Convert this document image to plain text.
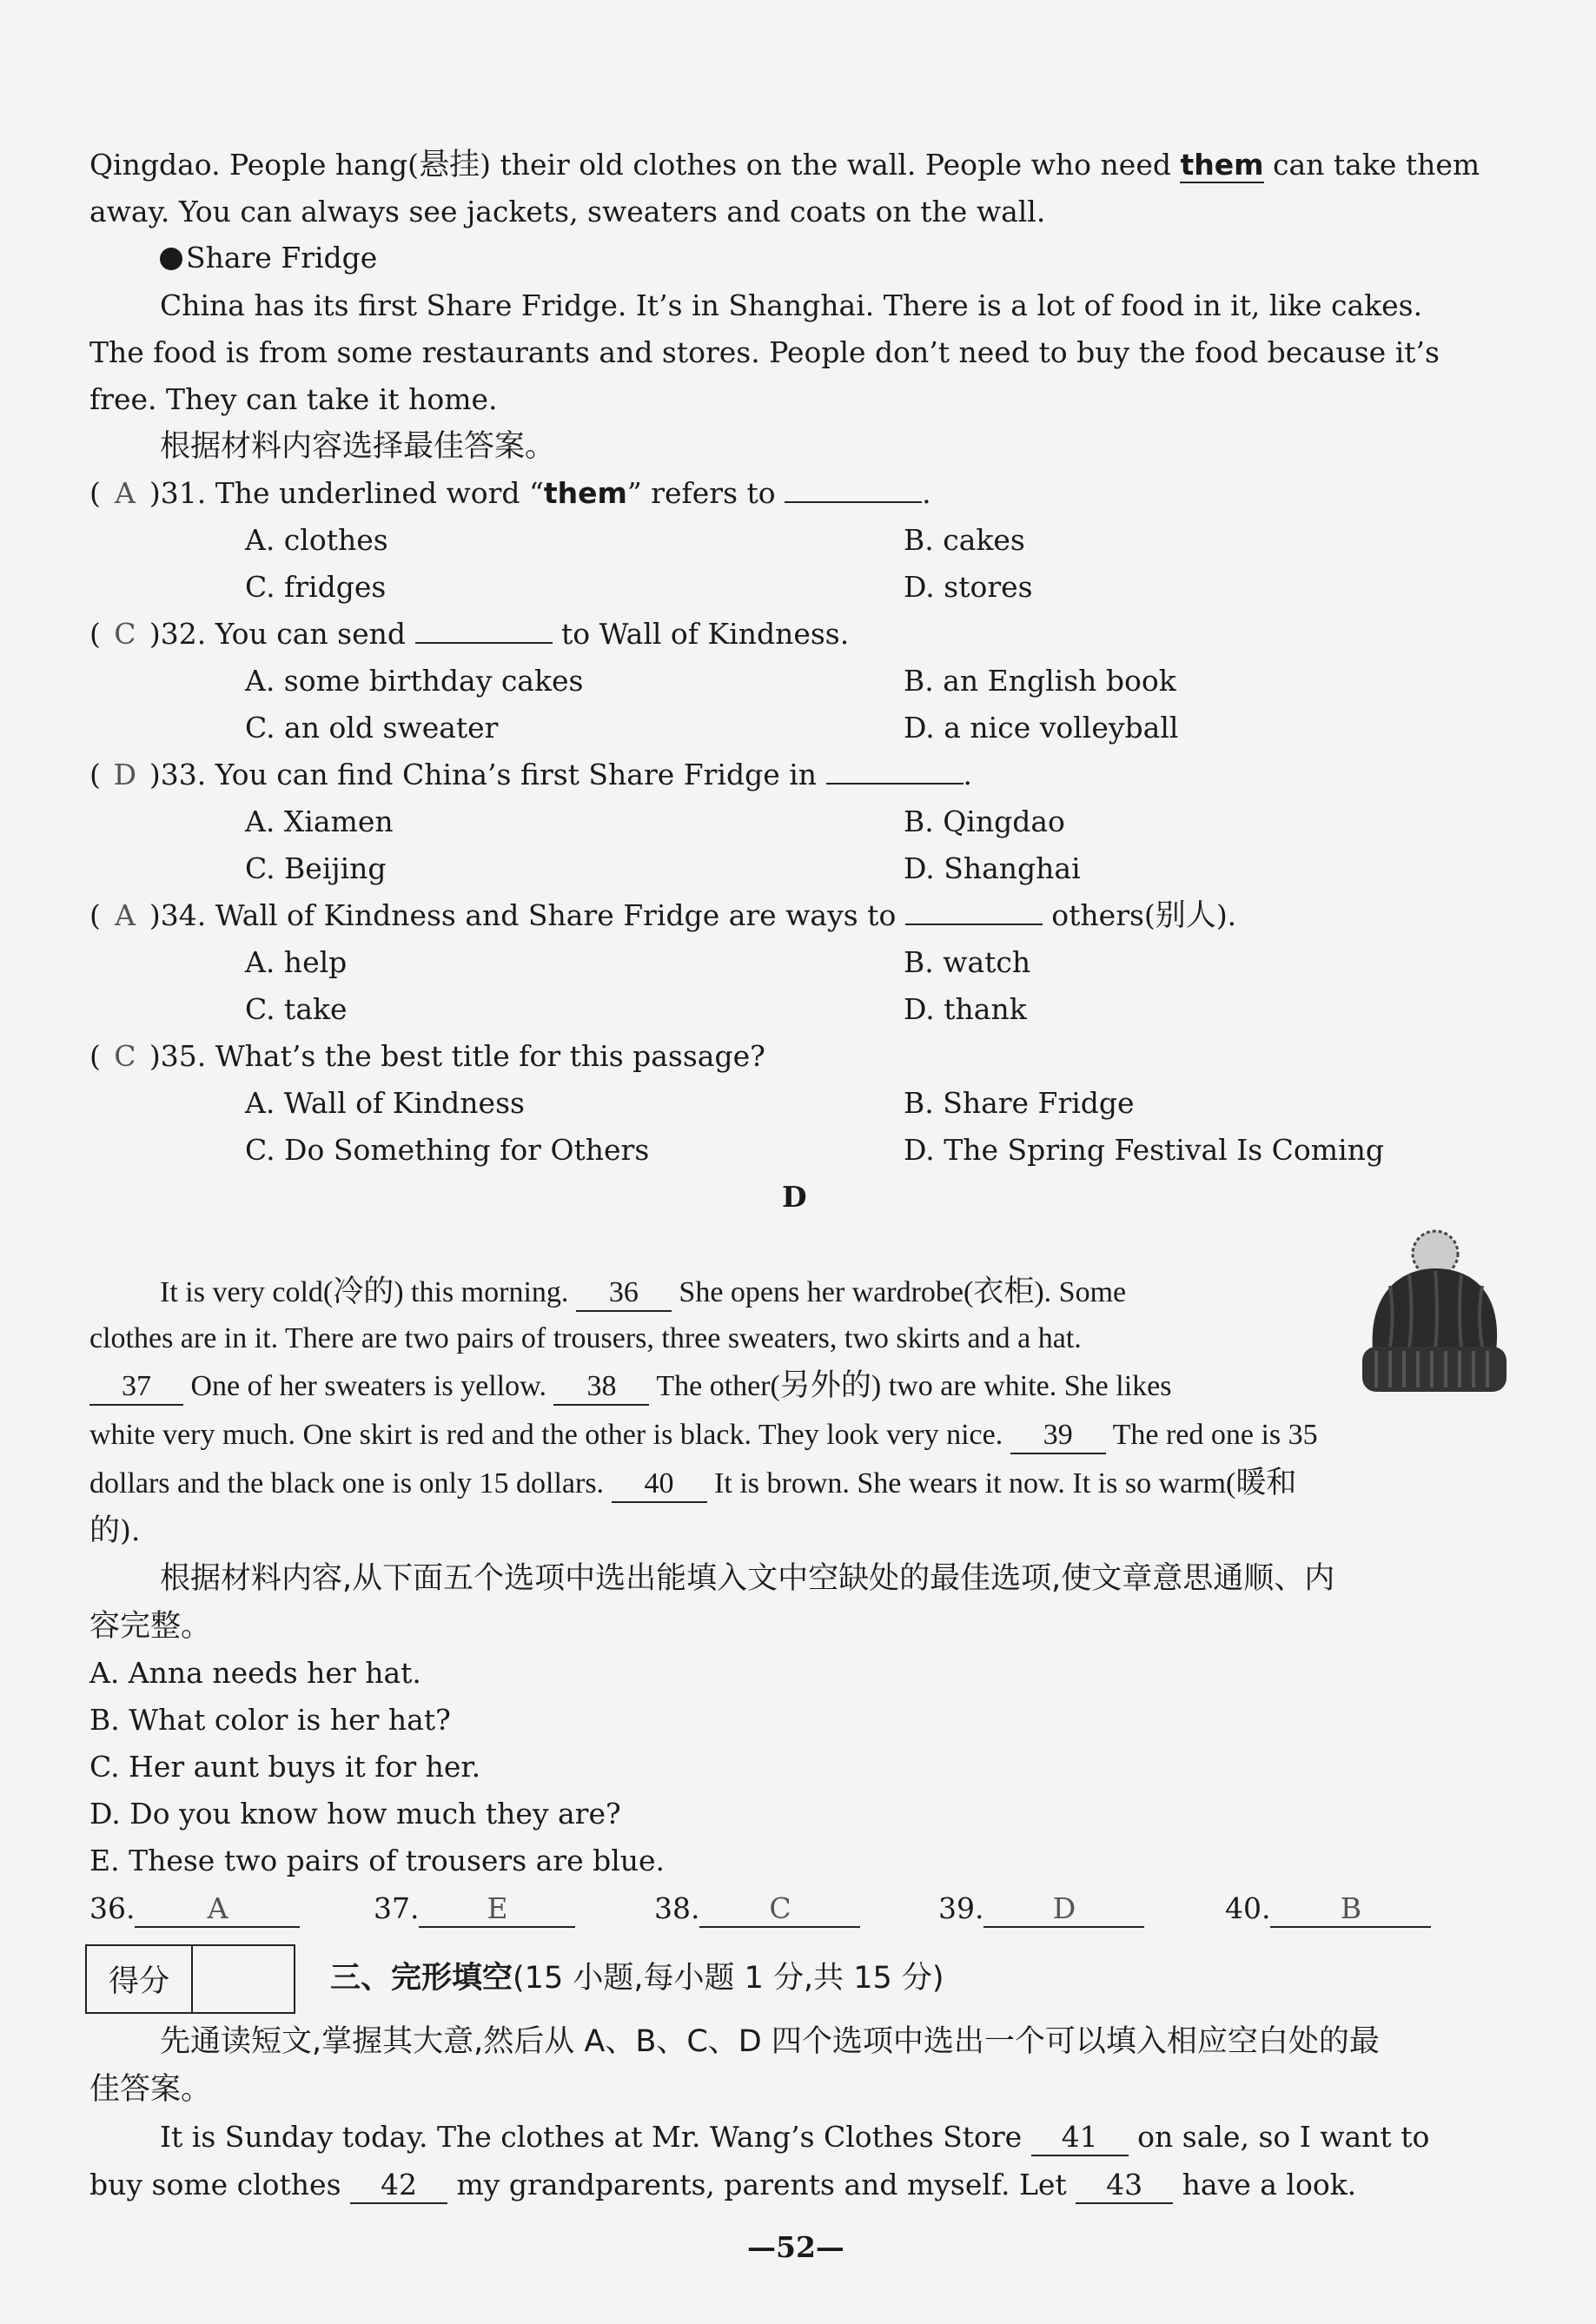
Qingdao. People hang(悬挂) their old clothes on the wall. People who need them can take them
away. You can always see jackets, sweaters and coats on the wall.
Share Fridge
China has its first Share Fridge. It’s in Shanghai. There is a lot of food in it, like cakes.
The food is from some restaurants and stores. People don’t need to buy the food because it’s
free. They can take it home.
根据材料内容选择最佳答案。
( A )31. The underlined word “them” refers to	.
A. clothes	B. cakes
C. fridges	D. stores
( C )32. You can send	to Wall of Kindness.
A. some birthday cakes	B. an English book
C. an old sweater	D. a nice volleyball
( D )33. You can find China’s first Share Fridge in	.
A. Xiamen	B. Qingdao
C. Beijing	D. Shanghai
( A )34. Wall of Kindness and Share Fridge are ways to	others(别人).
A. help	B. watch
C. take	D. thank
( C )35. What’s the best title for this passage?
A. Wall of Kindness	B. Share Fridge
C. Do Something for Others	D. The Spring Festival Is Coming
D
It is very cold(冷的) this morning. 36 She opens her wardrobe(衣柜). Some
clothes are in it. There are two pairs of trousers, three sweaters, two skirts and a hat.
37 One of her sweaters is yellow. 38 The other(另外的) two are white. She likes
white very much. One skirt is red and the other is black. They look very nice. 39 The red one is 35
dollars and the black one is only 15 dollars. 40 It is brown. She wears it now. It is so warm(暖和
的).
根据材料内容,从下面五个选项中选出能填入文中空缺处的最佳选项,使文章意思通顺、内
容完整。
A. Anna needs her hat.
B. What color is her hat?
C. Her aunt buys it for her.
D. Do you know how much they are?
E. These two pairs of trousers are blue.
36.	A	37. E	38. C	39. D	40. B
得分	三、完形填空(15 小题,每小题 1 分,共 15 分)
先通读短文,掌握其大意,然后从 A、B、C、D 四个选项中选出一个可以填入相应空白处的最
佳答案。
It is Sunday today. The clothes at Mr. Wang’s Clothes Store 41 on sale, so I want to
buy some clothes 42 my grandparents, parents and myself. Let 43 have a look.
—52—
